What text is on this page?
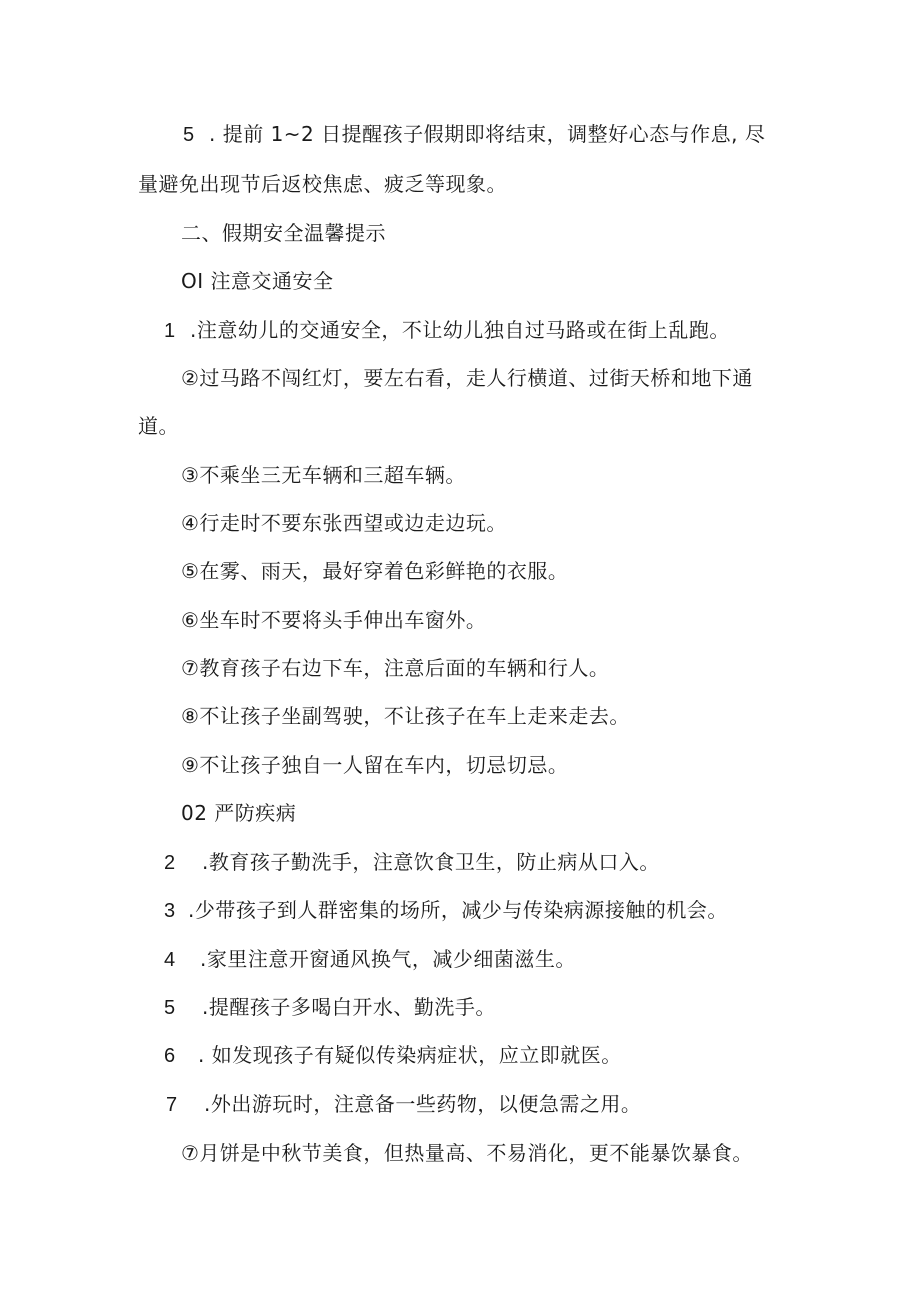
5 . 提前 1~2 日提醒孩子假期即将结束，调整好心态与作息, 尽
量避免出现节后返校焦虑、疲乏等现象。
二、假期安全温馨提示
OI 注意交通安全
1 .注意幼儿的交通安全，不让幼儿独自过马路或在街上乱跑。
②过马路不闯红灯，要左右看，走人行横道、过街天桥和地下通
道。
③不乘坐三无车辆和三超车辆。
④行走时不要东张西望或边走边玩。
⑤在雾、雨天，最好穿着色彩鲜艳的衣服。
⑥坐车时不要将头手伸出车窗外。
⑦教育孩子右边下车，注意后面的车辆和行人。
⑧不让孩子坐副驾驶，不让孩子在车上走来走去。
⑨不让孩子独自一人留在车内，切忌切忌。
02 严防疾病
2 .教育孩子勤洗手，注意饮食卫生，防止病从口入。
3 .少带孩子到人群密集的场所，减少与传染病源接触的机会。
4 .家里注意开窗通风换气，减少细菌滋生。
5 .提醒孩子多喝白开水、勤洗手。
6 . 如发现孩子有疑似传染病症状，应立即就医。
7 .外出游玩时，注意备一些药物，以便急需之用。
⑦月饼是中秋节美食，但热量高、不易消化，更不能暴饮暴食。
